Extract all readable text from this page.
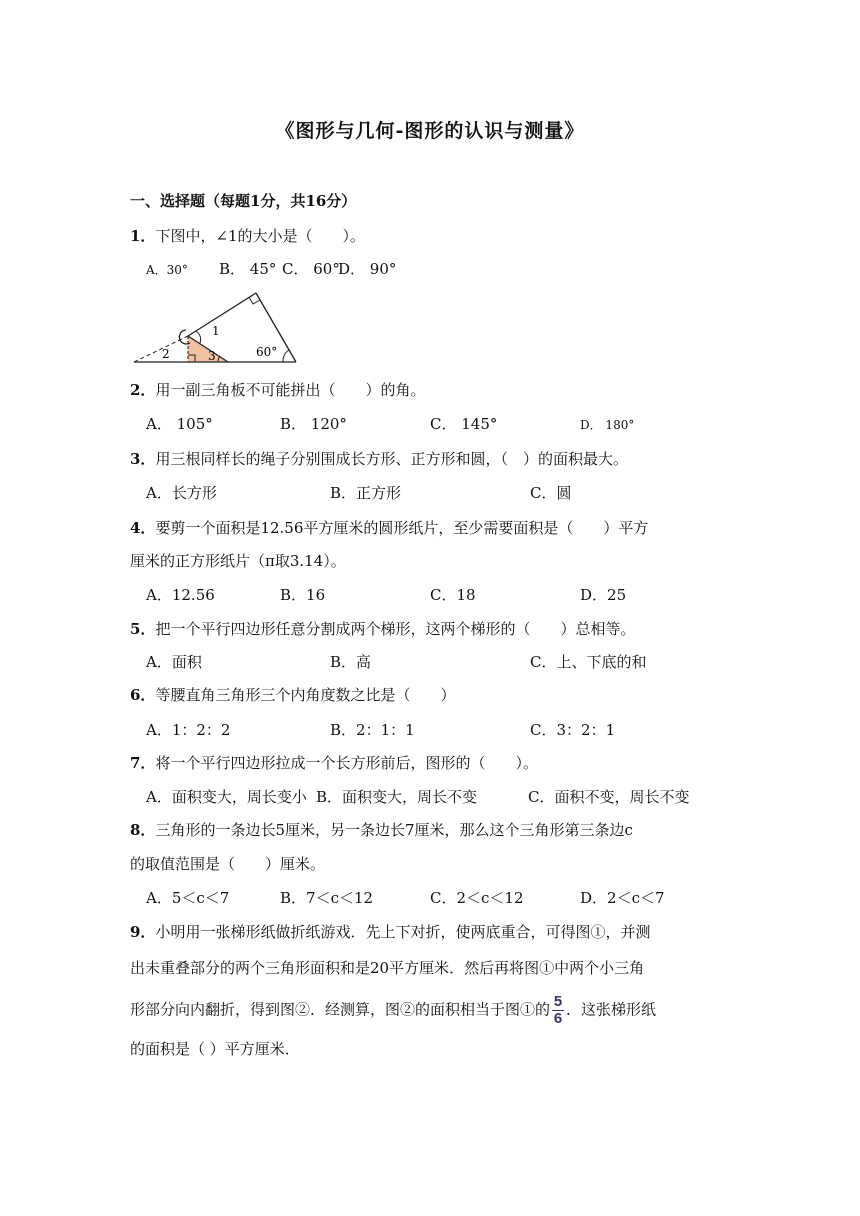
《图形与几何-图形的认识与测量》
一、选择题（每题1分，共16分）
1．下图中，∠1的大小是（　　）。
A．30° B． 45° C． 60°
D． 90°
1
2	3	60°
2．用一副三角板不可能拼出（　　）的角。
A． 105°	B． 120°	C． 145°	D． 180°
3．用三根同样长的绳子分别围成长方形、正方形和圆，（　）的面积最大。
A．长方形	B．正方形	C．圆
4．要剪一个面积是12.56平方厘米的圆形纸片，至少需要面积是（　　）平方
厘米的正方形纸片（π取3.14）。
A．12.56	B．16	C．18	D．25
5．把一个平行四边形任意分割成两个梯形，这两个梯形的（　　）总相等。
A．面积	B．高	C．上、下底的和
6．等腰直角三角形三个内角度数之比是（　　）
A．1：2：2	B．2：1：1	C．3：2：1
7．将一个平行四边形拉成一个长方形前后，图形的（　　）。
A．面积变大，周长变小 B．面积变大，周长不变	C．面积不变，周长不变
8．三角形的一条边长5厘米，另一条边长7厘米，那么这个三角形第三条边c
的取值范围是（　　）厘米。
A．5＜c＜7	B．7＜c＜12	C．2＜c＜12	D．2＜c＜7
9．小明用一张梯形纸做折纸游戏．先上下对折，使两底重合，可得图①，并测
出未重叠部分的两个三角形面积和是20平方厘米．然后再将图①中两个小三角
形部分向内翻折，得到图②．经测算，图②的面积相当于图①的 $\frac{5}{6}$ ．这张梯形纸
的面积是（ ）平方厘米．
